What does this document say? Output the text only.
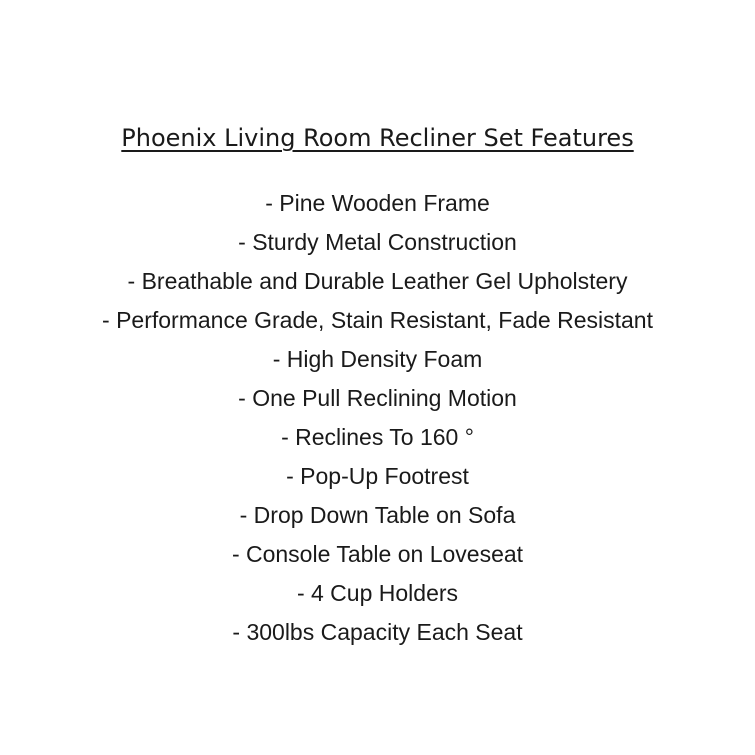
Phoenix Living Room Recliner Set Features
- Pine Wooden Frame
- Sturdy Metal Construction
- Breathable and Durable Leather Gel Upholstery
- Performance Grade, Stain Resistant, Fade Resistant
- High Density Foam
- One Pull Reclining Motion
- Reclines To 160 °
- Pop-Up Footrest
- Drop Down Table on Sofa
- Console Table on Loveseat
- 4 Cup Holders
- 300lbs Capacity Each Seat
